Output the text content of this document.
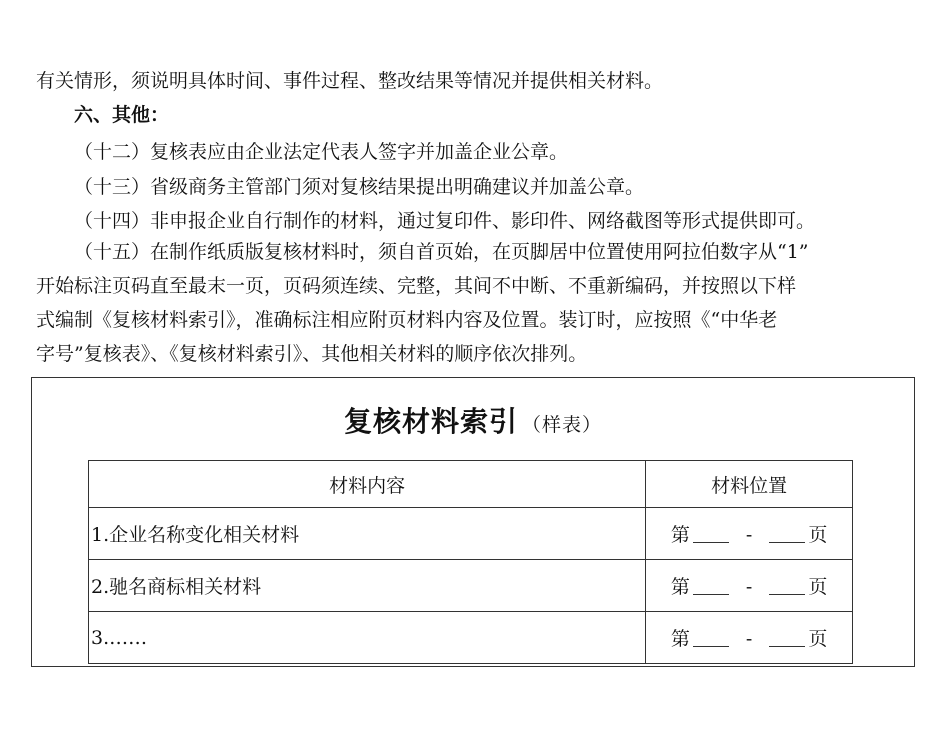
有关情形，须说明具体时间、事件过程、整改结果等情况并提供相关材料。
六、其他：
（十二）复核表应由企业法定代表人签字并加盖企业公章。
（十三）省级商务主管部门须对复核结果提出明确建议并加盖公章。
（十四）非申报企业自行制作的材料，通过复印件、影印件、网络截图等形式提供即可。
（十五）在制作纸质版复核材料时，须自首页始，在页脚居中位置使用阿拉伯数字从“1”
开始标注页码直至最末一页，页码须连续、完整，其间不中断、不重新编码，并按照以下样
式编制《复核材料索引》，准确标注相应附页材料内容及位置。装订时，应按照《“中华老
字号”复核表》、《复核材料索引》、其他相关材料的顺序依次排列。
复核材料索引 （样表）
材料内容	材料位置
1.企业名称变化相关材料	第 - 页
2.驰名商标相关材料	第 - 页
3.……	第 - 页
